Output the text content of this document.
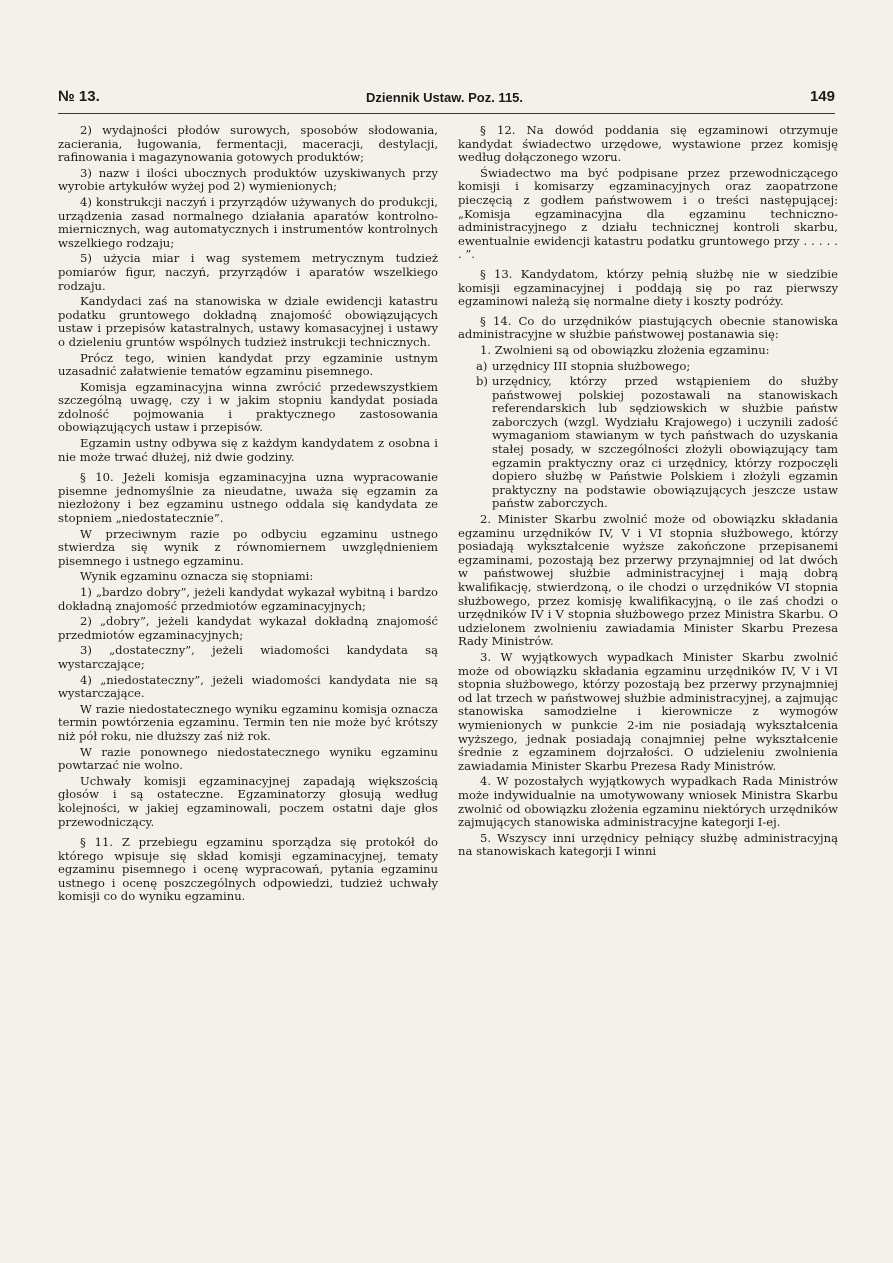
№ 13.	Dziennik Ustaw. Poz. 115.	149

2) wydajności płodów surowych, sposobów słodowania, zacierania, ługowania, fermentacji, maceracji, destylacji, rafinowania i magazynowania gotowych produktów;

3) nazw i ilości ubocznych produktów uzyskiwanych przy wyrobie artykułów wyżej pod 2) wymienionych;

4) konstrukcji naczyń i przyrządów używanych do produkcji, urządzenia zasad normalnego działania aparatów kontrolno-miernicznych, wag automatycznych i instrumentów kontrolnych wszelkiego rodzaju;

5) użycia miar i wag systemem metrycznym tudzież pomiarów figur, naczyń, przyrządów i aparatów wszelkiego rodzaju.

Kandydaci zaś na stanowiska w dziale ewidencji katastru podatku gruntowego dokładną znajomość obowiązujących ustaw i przepisów katastralnych, ustawy komasacyjnej i ustawy o dzieleniu gruntów wspólnych tudzież instrukcji technicznych.

Prócz tego, winien kandydat przy egzaminie ustnym uzasadnić załatwienie tematów egzaminu pisemnego.

Komisja egzaminacyjna winna zwrócić przedewszystkiem szczególną uwagę, czy i w jakim stopniu kandydat posiada zdolność pojmowania i praktycznego zastosowania obowiązujących ustaw i przepisów.

Egzamin ustny odbywa się z każdym kandydatem z osobna i nie może trwać dłużej, niż dwie godziny.

§ 10. Jeżeli komisja egzaminacyjna uzna wypracowanie pisemne jednomyślnie za nieudatne, uważa się egzamin za niezłożony i bez egzaminu ustnego oddala się kandydata ze stopniem „niedostatecznie”.

W przeciwnym razie po odbyciu egzaminu ustnego stwierdza się wynik z równomiernem uwzględnieniem pisemnego i ustnego egzaminu.

Wynik egzaminu oznacza się stopniami:

1) „bardzo dobry”, jeżeli kandydat wykazał wybitną i bardzo dokładną znajomość przedmiotów egzaminacyjnych;

2) „dobry”, jeżeli kandydat wykazał dokładną znajomość przedmiotów egzaminacyjnych;

3) „dostateczny”, jeżeli wiadomości kandydata są wystarczające;

4) „niedostateczny”, jeżeli wiadomości kandydata nie są wystarczające.

W razie niedostatecznego wyniku egzaminu komisja oznacza termin powtórzenia egzaminu. Termin ten nie może być krótszy niż pół roku, nie dłuższy zaś niż rok.

W razie ponownego niedostatecznego wyniku egzaminu powtarzać nie wolno.

Uchwały komisji egzaminacyjnej zapadają większością głosów i są ostateczne. Egzaminatorzy głosują według kolejności, w jakiej egzaminowali, poczem ostatni daje głos przewodniczący.

§ 11. Z przebiegu egzaminu sporządza się protokół do którego wpisuje się skład komisji egzaminacyjnej, tematy egzaminu pisemnego i ocenę wypracowań, pytania egzaminu ustnego i ocenę poszczególnych odpowiedzi, tudzież uchwały komisji co do wyniku egzaminu.

§ 12. Na dowód poddania się egzaminowi otrzymuje kandydat świadectwo urzędowe, wystawione przez komisję według dołączonego wzoru.

Świadectwo ma być podpisane przez przewodniczącego komisji i komisarzy egzaminacyjnych oraz zaopatrzone pieczęcią z godłem państwowem i o treści następującej: „Komisja egzaminacyjna dla egzaminu techniczno-administracyjnego z działu technicznej kontroli skarbu, ewentualnie ewidencji katastru podatku gruntowego przy . . . . . . ”.

§ 13. Kandydatom, którzy pełnią służbę nie w siedzibie komisji egzaminacyjnej i poddają się po raz pierwszy egzaminowi należą się normalne diety i koszty podróży.

§ 14. Co do urzędników piastujących obecnie stanowiska administracyjne w służbie państwowej postanawia się:

1. Zwolnieni są od obowiązku złożenia egzaminu:

a) urzędnicy III stopnia służbowego;

b) urzędnicy, którzy przed wstąpieniem do służby państwowej polskiej pozostawali na stanowiskach referendarskich lub sędziowskich w służbie państw zaborczych (wzgl. Wydziału Krajowego) i uczynili zadość wymaganiom stawianym w tych państwach do uzyskania stałej posady, w szczególności złożyli obowiązujący tam egzamin praktyczny oraz ci urzędnicy, którzy rozpoczęli dopiero służbę w Państwie Polskiem i złożyli egzamin praktyczny na podstawie obowiązujących jeszcze ustaw państw zaborczych.

2. Minister Skarbu zwolnić może od obowiązku składania egzaminu urzędników IV, V i VI stopnia służbowego, którzy posiadają wykształcenie wyższe zakończone przepisanemi egzaminami, pozostają bez przerwy przynajmniej od lat dwóch w państwowej służbie administracyjnej i mają dobrą kwalifikację, stwierdzoną, o ile chodzi o urzędników VI stopnia służbowego, przez komisję kwalifikacyjną, o ile zaś chodzi o urzędników IV i V stopnia służbowego przez Ministra Skarbu. O udzielonem zwolnieniu zawiadamia Minister Skarbu Prezesa Rady Ministrów.

3. W wyjątkowych wypadkach Minister Skarbu zwolnić może od obowiązku składania egzaminu urzędników IV, V i VI stopnia służbowego, którzy pozostają bez przerwy przynajmniej od lat trzech w państwowej służbie administracyjnej, a zajmując stanowiska samodzielne i kierownicze z wymogów wymienionych w punkcie 2-im nie posiadają wykształcenia wyższego, jednak posiadają conajmniej pełne wykształcenie średnie z egzaminem dojrzałości. O udzieleniu zwolnienia zawiadamia Minister Skarbu Prezesa Rady Ministrów.

4. W pozostałych wyjątkowych wypadkach Rada Ministrów może indywidualnie na umotywowany wniosek Ministra Skarbu zwolnić od obowiązku złożenia egzaminu niektórych urzędników zajmujących stanowiska administracyjne kategorji I-ej.

5. Wszyscy inni urzędnicy pełniący służbę administracyjną na stanowiskach kategorji I winni
